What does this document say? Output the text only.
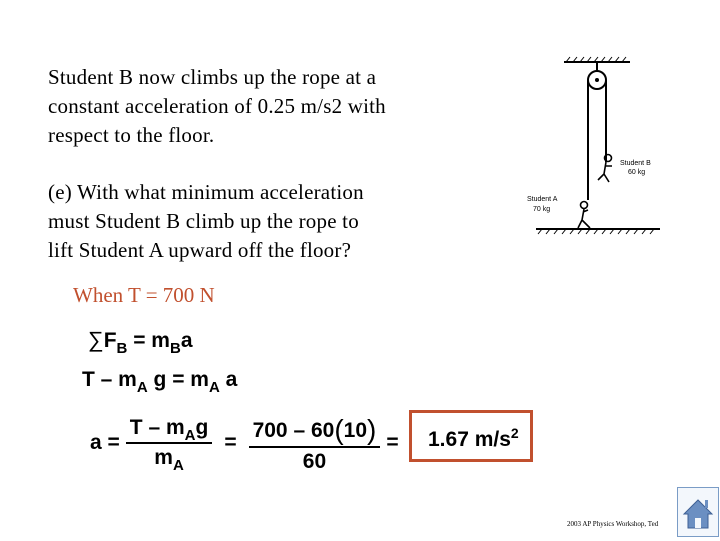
Student B now climbs up the rope at a
constant acceleration of 0.25 m/s2 with
respect to the floor.
(e) With what minimum acceleration
must Student B climb up the rope to
lift Student A upward off the floor?
When T = 700 N
$\sum F_B = m_Ba$
T – $m_A$ $g = m_A$ a
$a = \frac{T - m_Ag}{m_A} = \frac{700 - 60(10)}{60} = 1.67$ $m/s^2$
Student B
60 kg
Student A
70 kg
2003 AP Physics Workshop, Ted
